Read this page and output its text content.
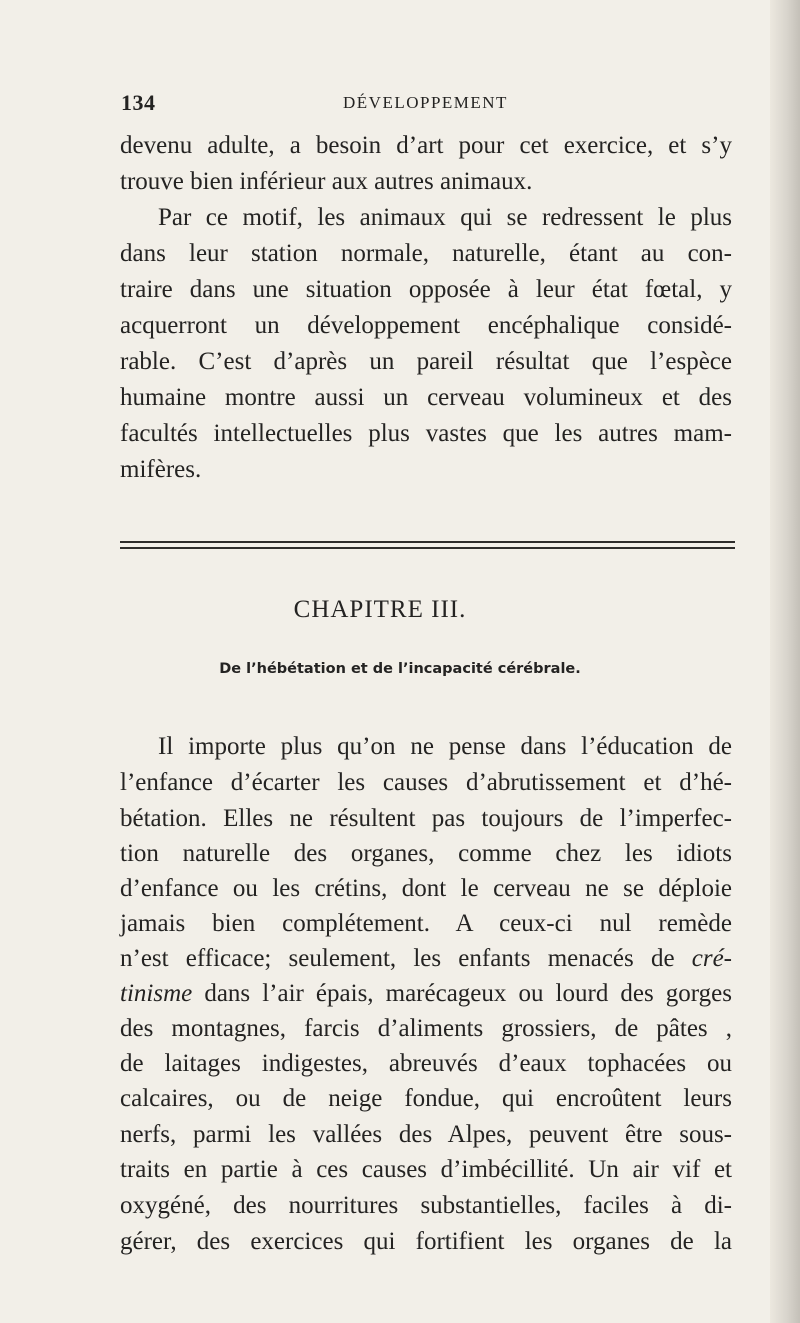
134	DÉVELOPPEMENT
devenu adulte, a besoin d’art pour cet exercice, et s’y
trouve bien inférieur aux autres animaux.
Par ce motif, les animaux qui se redressent le plus
dans leur station normale, naturelle, étant au con-
traire dans une situation opposée à leur état fœtal, y
acquerront un développement encéphalique considé-
rable. C’est d’après un pareil résultat que l’espèce
humaine montre aussi un cerveau volumineux et des
facultés intellectuelles plus vastes que les autres mam-
mifères.
CHAPITRE III.
De l’hébétation et de l’incapacité cérébrale.
Il importe plus qu’on ne pense dans l’éducation de
l’enfance d’écarter les causes d’abrutissement et d’hé-
bétation. Elles ne résultent pas toujours de l’imperfec-
tion naturelle des organes, comme chez les idiots
d’enfance ou les crétins, dont le cerveau ne se déploie
jamais bien complétement. A ceux-ci nul remède
n’est efficace; seulement, les enfants menacés de cré-
tinisme dans l’air épais, marécageux ou lourd des gorges
des montagnes, farcis d’aliments grossiers, de pâtes ,
de laitages indigestes, abreuvés d’eaux tophacées ou
calcaires, ou de neige fondue, qui encroûtent leurs
nerfs, parmi les vallées des Alpes, peuvent être sous-
traits en partie à ces causes d’imbécillité. Un air vif et
oxygéné, des nourritures substantielles, faciles à di-
gérer, des exercices qui fortifient les organes de la
